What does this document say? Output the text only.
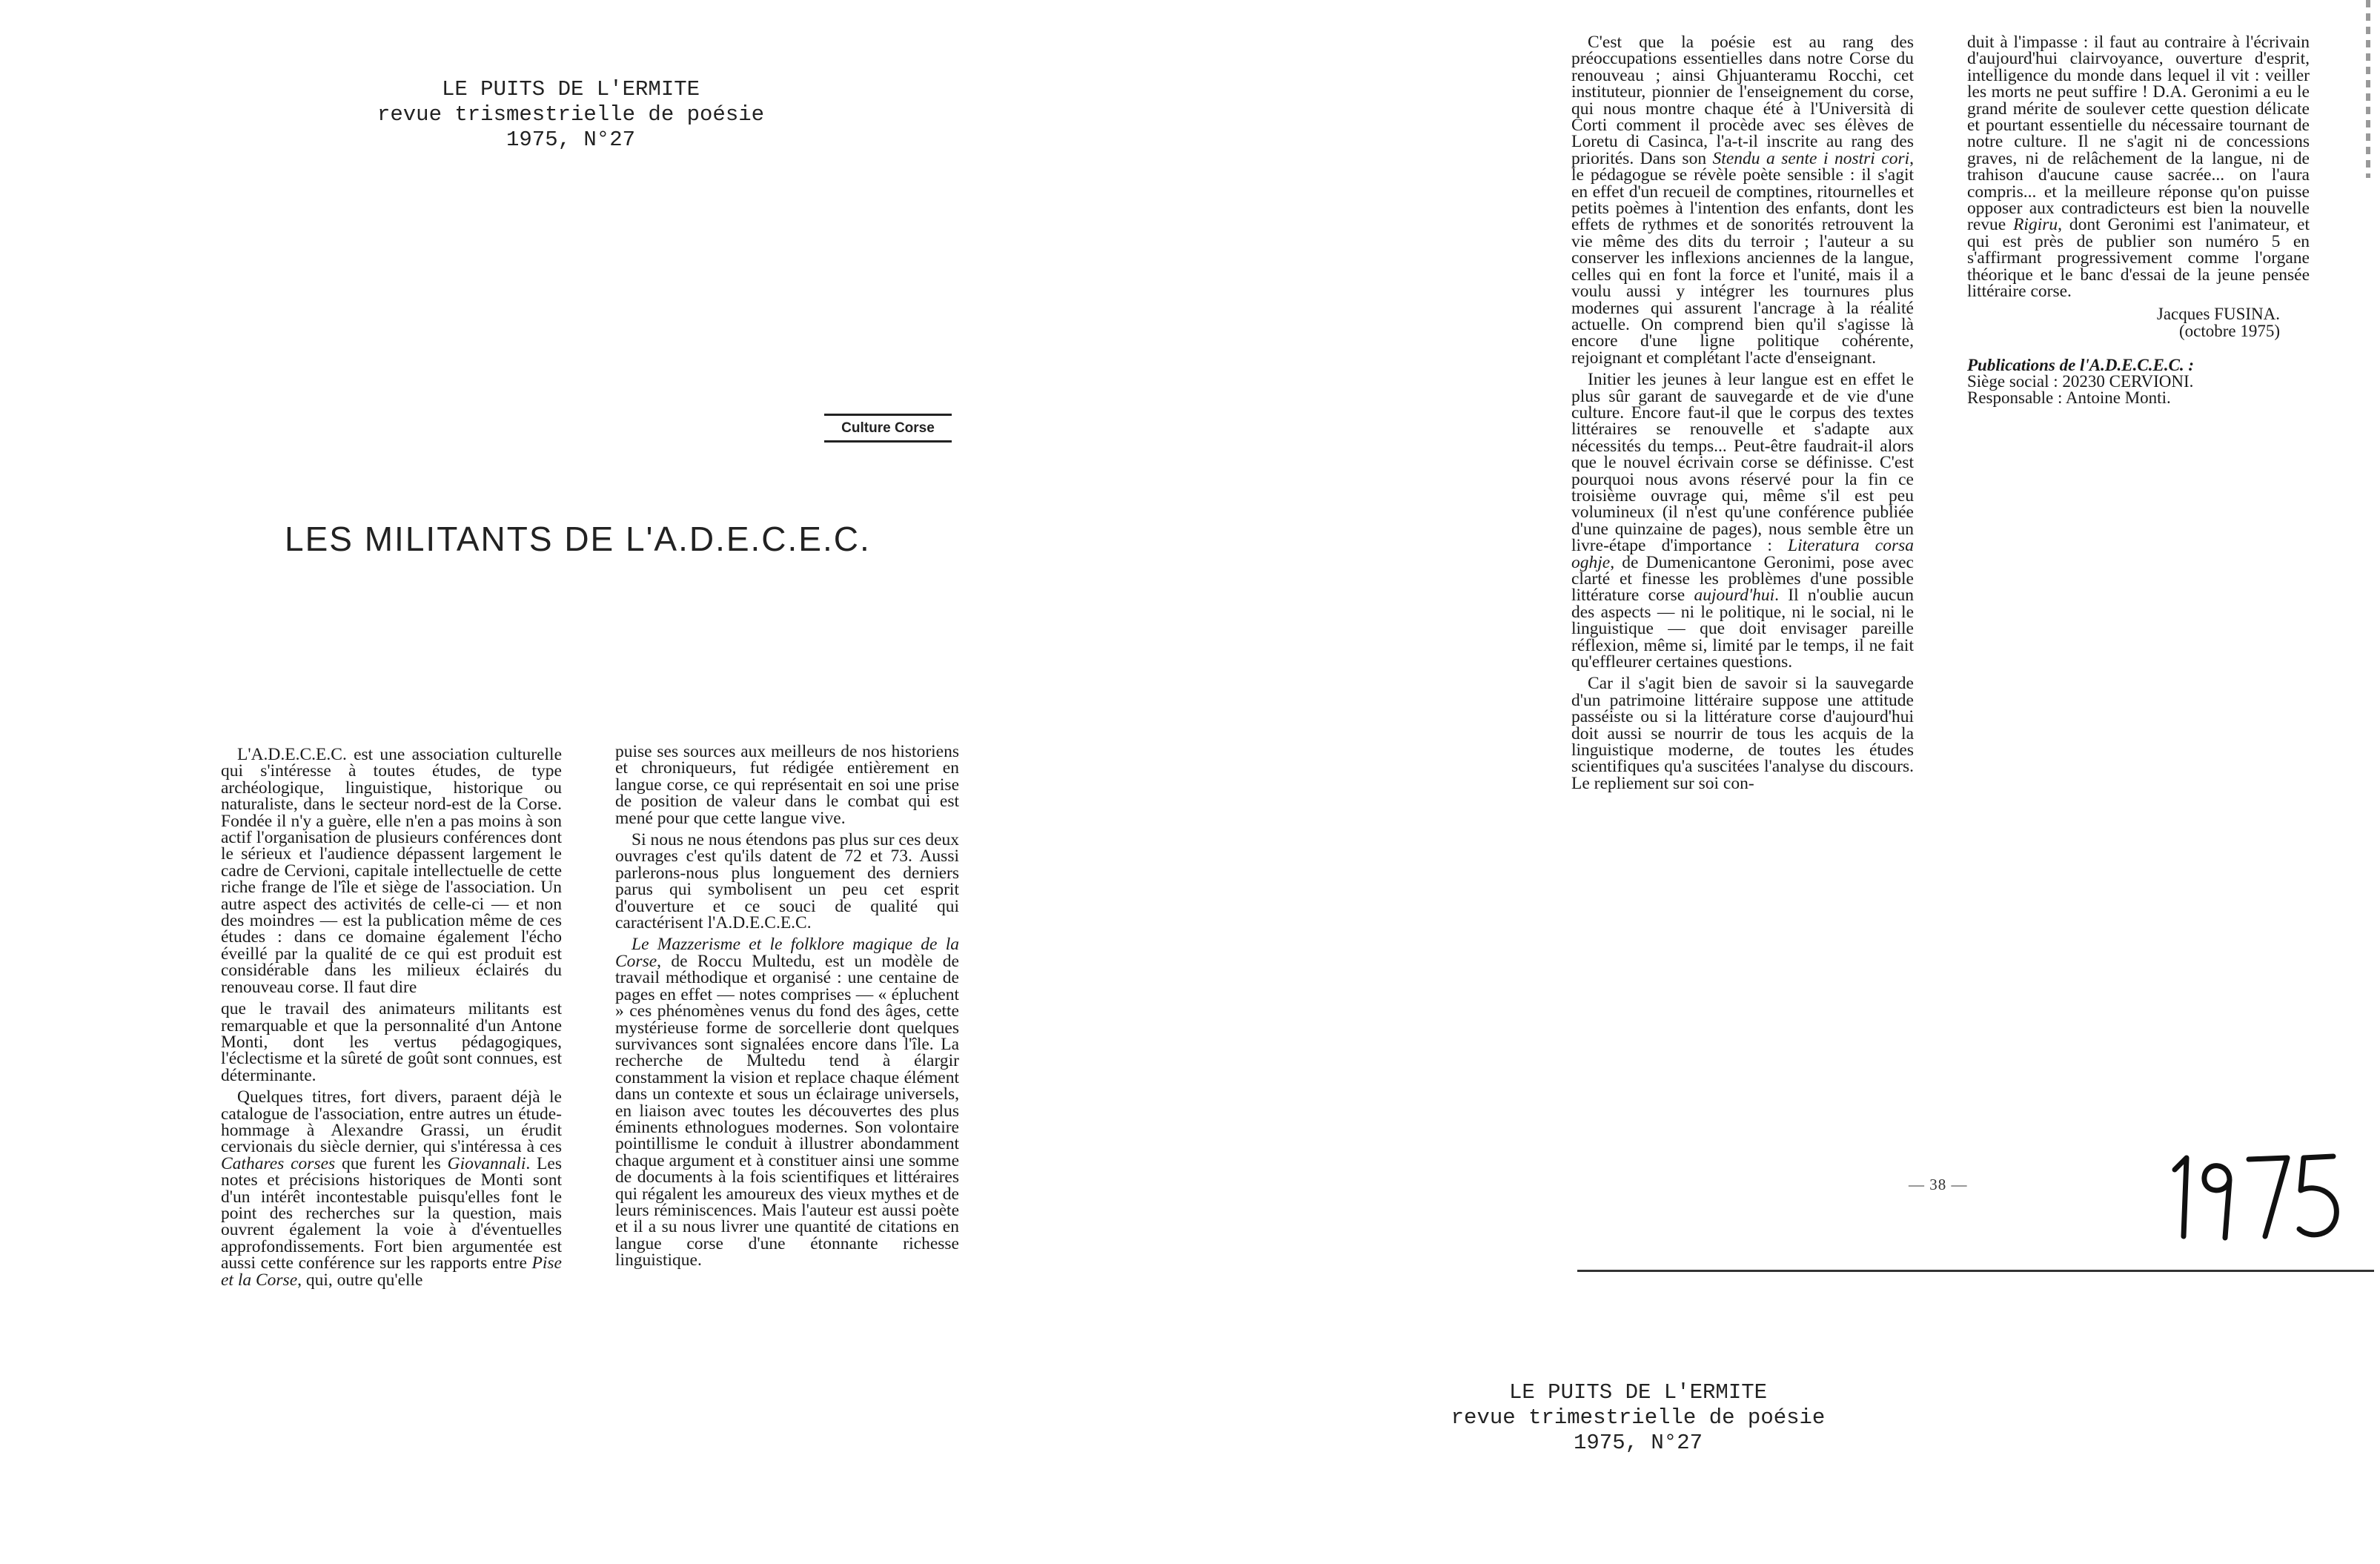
LE PUITS DE L'ERMITE
revue trismestrielle de poésie
1975, N°27
Culture Corse
LES MILITANTS DE L'A.D.E.C.E.C.

L'A.D.E.C.E.C. est une association culturelle qui s'intéresse à toutes études, de type archéologique, linguistique, historique ou naturaliste, dans le secteur nord-est de la Corse. Fondée il n'y a guère, elle n'en a pas moins à son actif l'organisation de plusieurs conférences dont le sérieux et l'audience dépassent largement le cadre de Cervioni, capitale intellectuelle de cette riche frange de l'île et siège de l'association. Un autre aspect des activités de celle-ci — et non des moindres — est la publication même de ces études : dans ce domaine également l'écho éveillé par la qualité de ce qui est produit est considérable dans les milieux éclairés du renouveau corse. Il faut dire

que le travail des animateurs militants est remarquable et que la personnalité d'un Antone Monti, dont les vertus pédagogiques, l'éclectisme et la sûreté de goût sont connues, est déterminante.

Quelques titres, fort divers, paraent déjà le catalogue de l'association, entre autres un étude-hommage à Alexandre Grassi, un érudit cervionais du siècle dernier, qui s'intéressa à ces Cathares corses que furent les Giovannali. Les notes et précisions historiques de Monti sont d'un intérêt incontestable puisqu'elles font le point des recherches sur la question, mais ouvrent également la voie à d'éventuelles approfondissements. Fort bien argumentée est aussi cette conférence sur les rapports entre Pise et la Corse, qui, outre qu'elle

puise ses sources aux meilleurs de nos historiens et chroniqueurs, fut rédigée entièrement en langue corse, ce qui représentait en soi une prise de position de valeur dans le combat qui est mené pour que cette langue vive.

Si nous ne nous étendons pas plus sur ces deux ouvrages c'est qu'ils datent de 72 et 73. Aussi parlerons-nous plus longuement des derniers parus qui symbolisent un peu cet esprit d'ouverture et ce souci de qualité qui caractérisent l'A.D.E.C.E.C.

Le Mazzerisme et le folklore magique de la Corse, de Roccu Multedu, est un modèle de travail méthodique et organisé : une centaine de pages en effet — notes comprises — « épluchent » ces phénomènes venus du fond des âges, cette mystérieuse forme de sorcellerie dont quelques survivances sont signalées encore dans l'île. La recherche de Multedu tend à élargir constamment la vision et replace chaque élément dans un contexte et sous un éclairage universels, en liaison avec toutes les découvertes des plus éminents ethnologues modernes. Son volontaire pointillisme le conduit à illustrer abondamment chaque argument et à constituer ainsi une somme de documents à la fois scientifiques et littéraires qui régalent les amoureux des vieux mythes et de leurs réminiscences. Mais l'auteur est aussi poète et il a su nous livrer une quantité de citations en langue corse d'une étonnante richesse linguistique.

C'est que la poésie est au rang des préoccupations essentielles dans notre Corse du renouveau ; ainsi Ghjuanteramu Rocchi, cet instituteur, pionnier de l'enseignement du corse, qui nous montre chaque été à l'Università di Corti comment il procède avec ses élèves de Loretu di Casinca, l'a-t-il inscrite au rang des priorités. Dans son Stendu a sente i nostri cori, le pédagogue se révèle poète sensible : il s'agit en effet d'un recueil de comptines, ritournelles et petits poèmes à l'intention des enfants, dont les effets de rythmes et de sonorités retrouvent la vie même des dits du terroir ; l'auteur a su conserver les inflexions anciennes de la langue, celles qui en font la force et l'unité, mais il a voulu aussi y intégrer les tournures plus modernes qui assurent l'ancrage à la réalité actuelle. On comprend bien qu'il s'agisse là encore d'une ligne politique cohérente, rejoignant et complétant l'acte d'enseignant.

Initier les jeunes à leur langue est en effet le plus sûr garant de sauvegarde et de vie d'une culture. Encore faut-il que le corpus des textes littéraires se renouvelle et s'adapte aux nécessités du temps... Peut-être faudrait-il alors que le nouvel écrivain corse se définisse. C'est pourquoi nous avons réservé pour la fin ce troisième ouvrage qui, même s'il est peu volumineux (il n'est qu'une conférence publiée d'une quinzaine de pages), nous semble être un livre-étape d'importance : Literatura corsa oghje, de Dumenicantone Geronimi, pose avec clarté et finesse les problèmes d'une possible littérature corse aujourd'hui. Il n'oublie aucun des aspects — ni le politique, ni le social, ni le linguistique — que doit envisager pareille réflexion, même si, limité par le temps, il ne fait qu'effleurer certaines questions.

Car il s'agit bien de savoir si la sauvegarde d'un patrimoine littéraire suppose une attitude passéiste ou si la littérature corse d'aujourd'hui doit aussi se nourrir de tous les acquis de la linguistique moderne, de toutes les études scientifiques qu'a suscitées l'analyse du discours. Le repliement sur soi con-

duit à l'impasse : il faut au contraire à l'écrivain d'aujourd'hui clairvoyance, ouverture d'esprit, intelligence du monde dans lequel il vit : veiller les morts ne peut suffire ! D.A. Geronimi a eu le grand mérite de soulever cette question délicate et pourtant essentielle du nécessaire tournant de notre culture. Il ne s'agit ni de concessions graves, ni de relâchement de la langue, ni de trahison d'aucune cause sacrée... on l'aura compris... et la meilleure réponse qu'on puisse opposer aux contradicteurs est bien la nouvelle revue Rigiru, dont Geronimi est l'animateur, et qui est près de publier son numéro 5 en s'affirmant progressivement comme l'organe théorique et le banc d'essai de la jeune pensée littéraire corse.

Jacques FUSINA.
(octobre 1975)
Publications de l'A.D.E.C.E.C. :
Siège social : 20230 CERVIONI.
Responsable : Antoine Monti.
— 38 —
LE PUITS DE L'ERMITE
revue trimestrielle de poésie
1975, N°27
